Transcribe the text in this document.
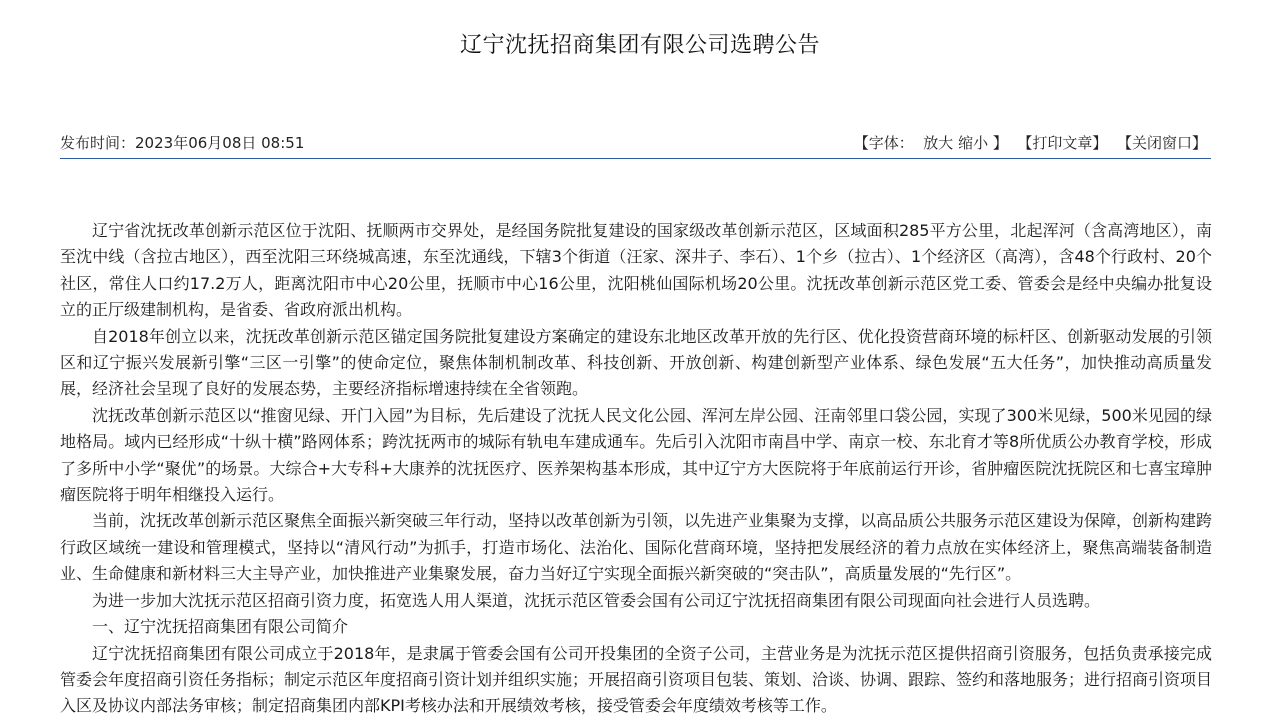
辽宁沈抚招商集团有限公司选聘公告
发布时间：2023年06月08日 08:51	【字体： 放大 缩小 】 【打印文章】 【关闭窗口】

辽宁省沈抚改革创新示范区位于沈阳、抚顺两市交界处，是经国务院批复建设的国家级改革创新示范区，区域面积285平方公里，北起浑河（含高湾地区），南至沈中线（含拉古地区），西至沈阳三环绕城高速，东至沈通线，下辖3个街道（汪家、深井子、李石）、1个乡（拉古）、1个经济区（高湾），含48个行政村、20个社区，常住人口约17.2万人，距离沈阳市中心20公里，抚顺市中心16公里，沈阳桃仙国际机场20公里。沈抚改革创新示范区党工委、管委会是经中央编办批复设立的正厅级建制机构，是省委、省政府派出机构。

自2018年创立以来，沈抚改革创新示范区锚定国务院批复建设方案确定的建设东北地区改革开放的先行区、优化投资营商环境的标杆区、创新驱动发展的引领区和辽宁振兴发展新引擎“三区一引擎”的使命定位，聚焦体制机制改革、科技创新、开放创新、构建创新型产业体系、绿色发展“五大任务”，加快推动高质量发展，经济社会呈现了良好的发展态势，主要经济指标增速持续在全省领跑。

沈抚改革创新示范区以“推窗见绿、开门入园”为目标，先后建设了沈抚人民文化公园、浑河左岸公园、汪南邻里口袋公园，实现了300米见绿，500米见园的绿地格局。域内已经形成“十纵十横”路网体系；跨沈抚两市的城际有轨电车建成通车。先后引入沈阳市南昌中学、南京一校、东北育才等8所优质公办教育学校，形成了多所中小学“聚优”的场景。大综合+大专科+大康养的沈抚医疗、医养架构基本形成，其中辽宁方大医院将于年底前运行开诊，省肿瘤医院沈抚院区和七喜宝璋肿瘤医院将于明年相继投入运行。

当前，沈抚改革创新示范区聚焦全面振兴新突破三年行动，坚持以改革创新为引领，以先进产业集聚为支撑，以高品质公共服务示范区建设为保障，创新构建跨行政区域统一建设和管理模式，坚持以“清风行动”为抓手，打造市场化、法治化、国际化营商环境，坚持把发展经济的着力点放在实体经济上，聚焦高端装备制造业、生命健康和新材料三大主导产业，加快推进产业集聚发展，奋力当好辽宁实现全面振兴新突破的“突击队”，高质量发展的“先行区”。

为进一步加大沈抚示范区招商引资力度，拓宽选人用人渠道，沈抚示范区管委会国有公司辽宁沈抚招商集团有限公司现面向社会进行人员选聘。

一、辽宁沈抚招商集团有限公司简介

辽宁沈抚招商集团有限公司成立于2018年，是隶属于管委会国有公司开投集团的全资子公司，主营业务是为沈抚示范区提供招商引资服务，包括负责承接完成管委会年度招商引资任务指标；制定示范区年度招商引资计划并组织实施；开展招商引资项目包装、策划、洽谈、协调、跟踪、签约和落地服务；进行招商引资项目入区及协议内部法务审核；制定招商集团内部KPI考核办法和开展绩效考核，接受管委会年度绩效考核等工作。
